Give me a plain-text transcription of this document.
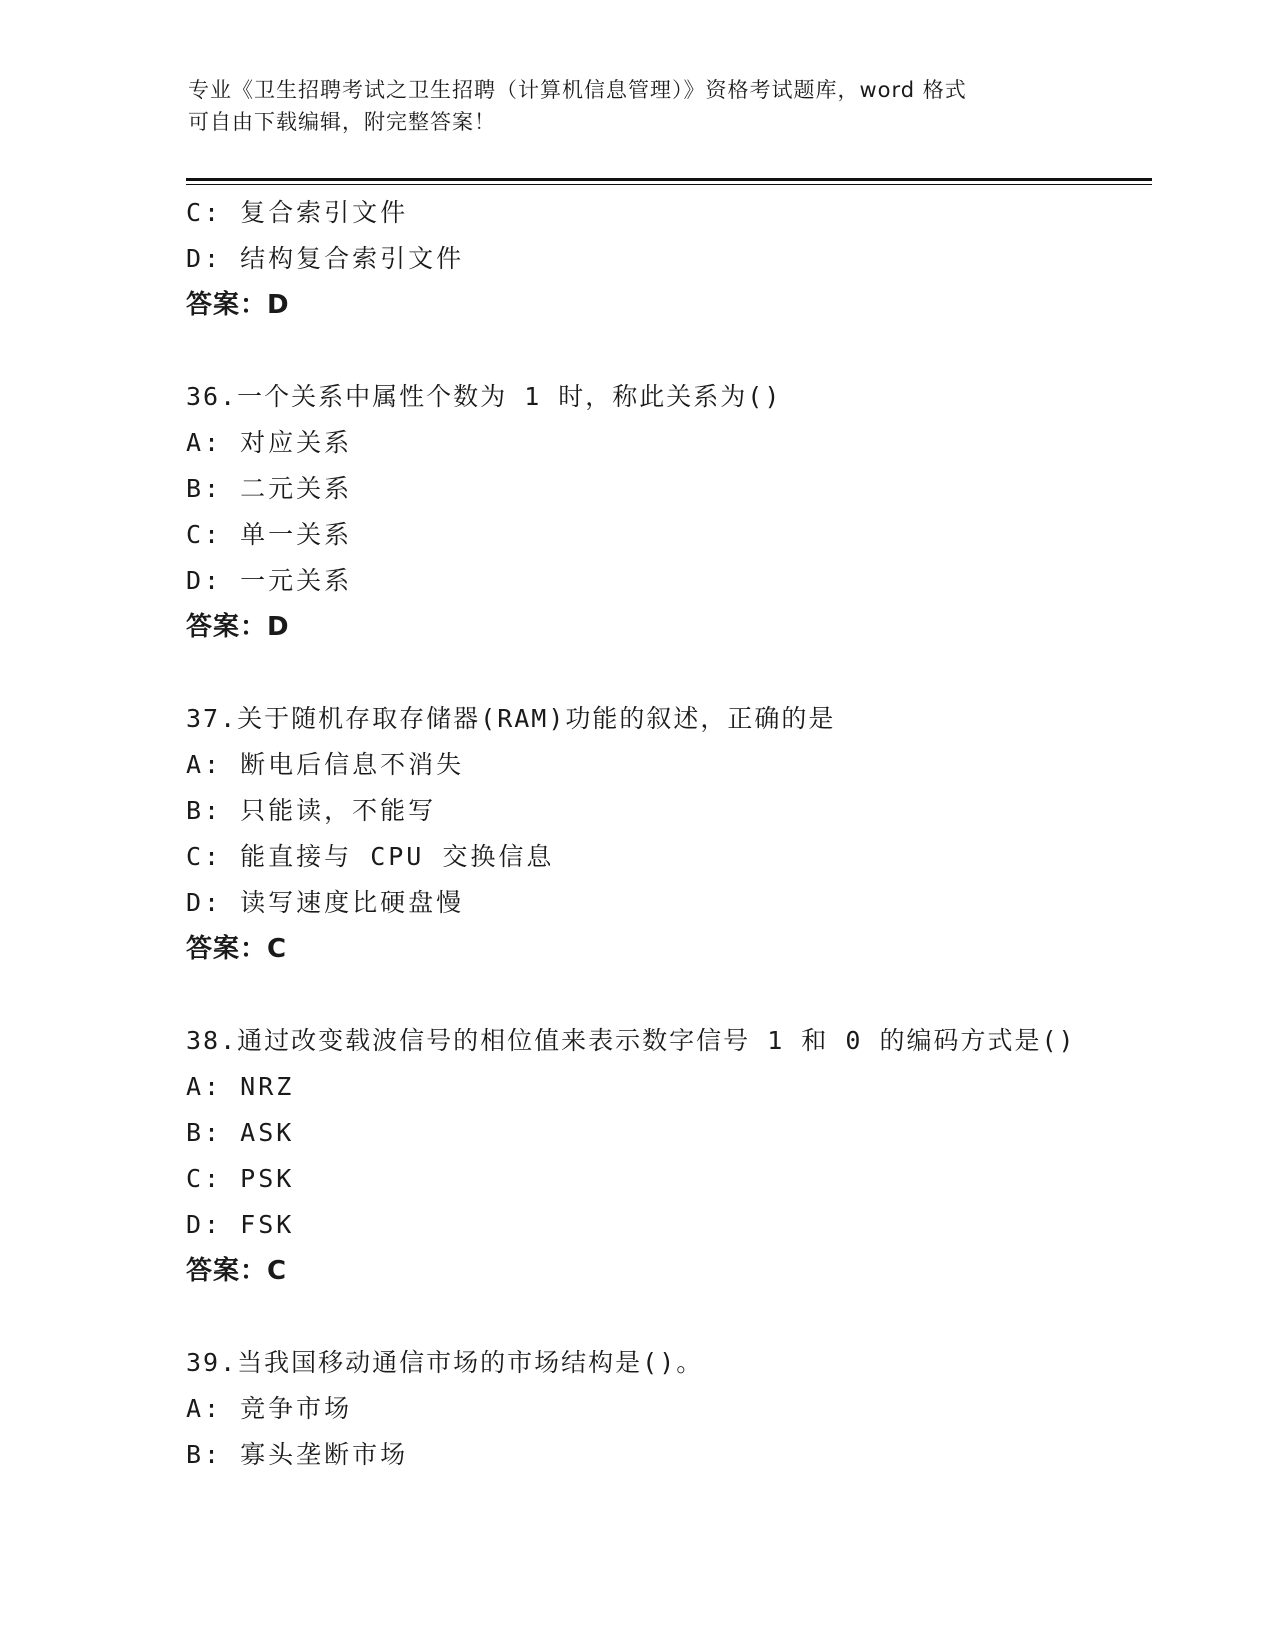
专业《卫生招聘考试之卫生招聘（计算机信息管理）》资格考试题库，word 格式
可自由下载编辑，附完整答案！
C: 复合索引文件
D: 结构复合索引文件
答案：D
36.一个关系中属性个数为 1 时，称此关系为()
A: 对应关系
B: 二元关系
C: 单一关系
D: 一元关系
答案：D
37.关于随机存取存储器(RAM)功能的叙述，正确的是
A: 断电后信息不消失
B: 只能读，不能写
C: 能直接与 CPU 交换信息
D: 读写速度比硬盘慢
答案：C
38.通过改变载波信号的相位值来表示数字信号 1 和 0 的编码方式是()
A: NRZ
B: ASK
C: PSK
D: FSK
答案：C
39.当我国移动通信市场的市场结构是()。
A: 竞争市场
B: 寡头垄断市场
